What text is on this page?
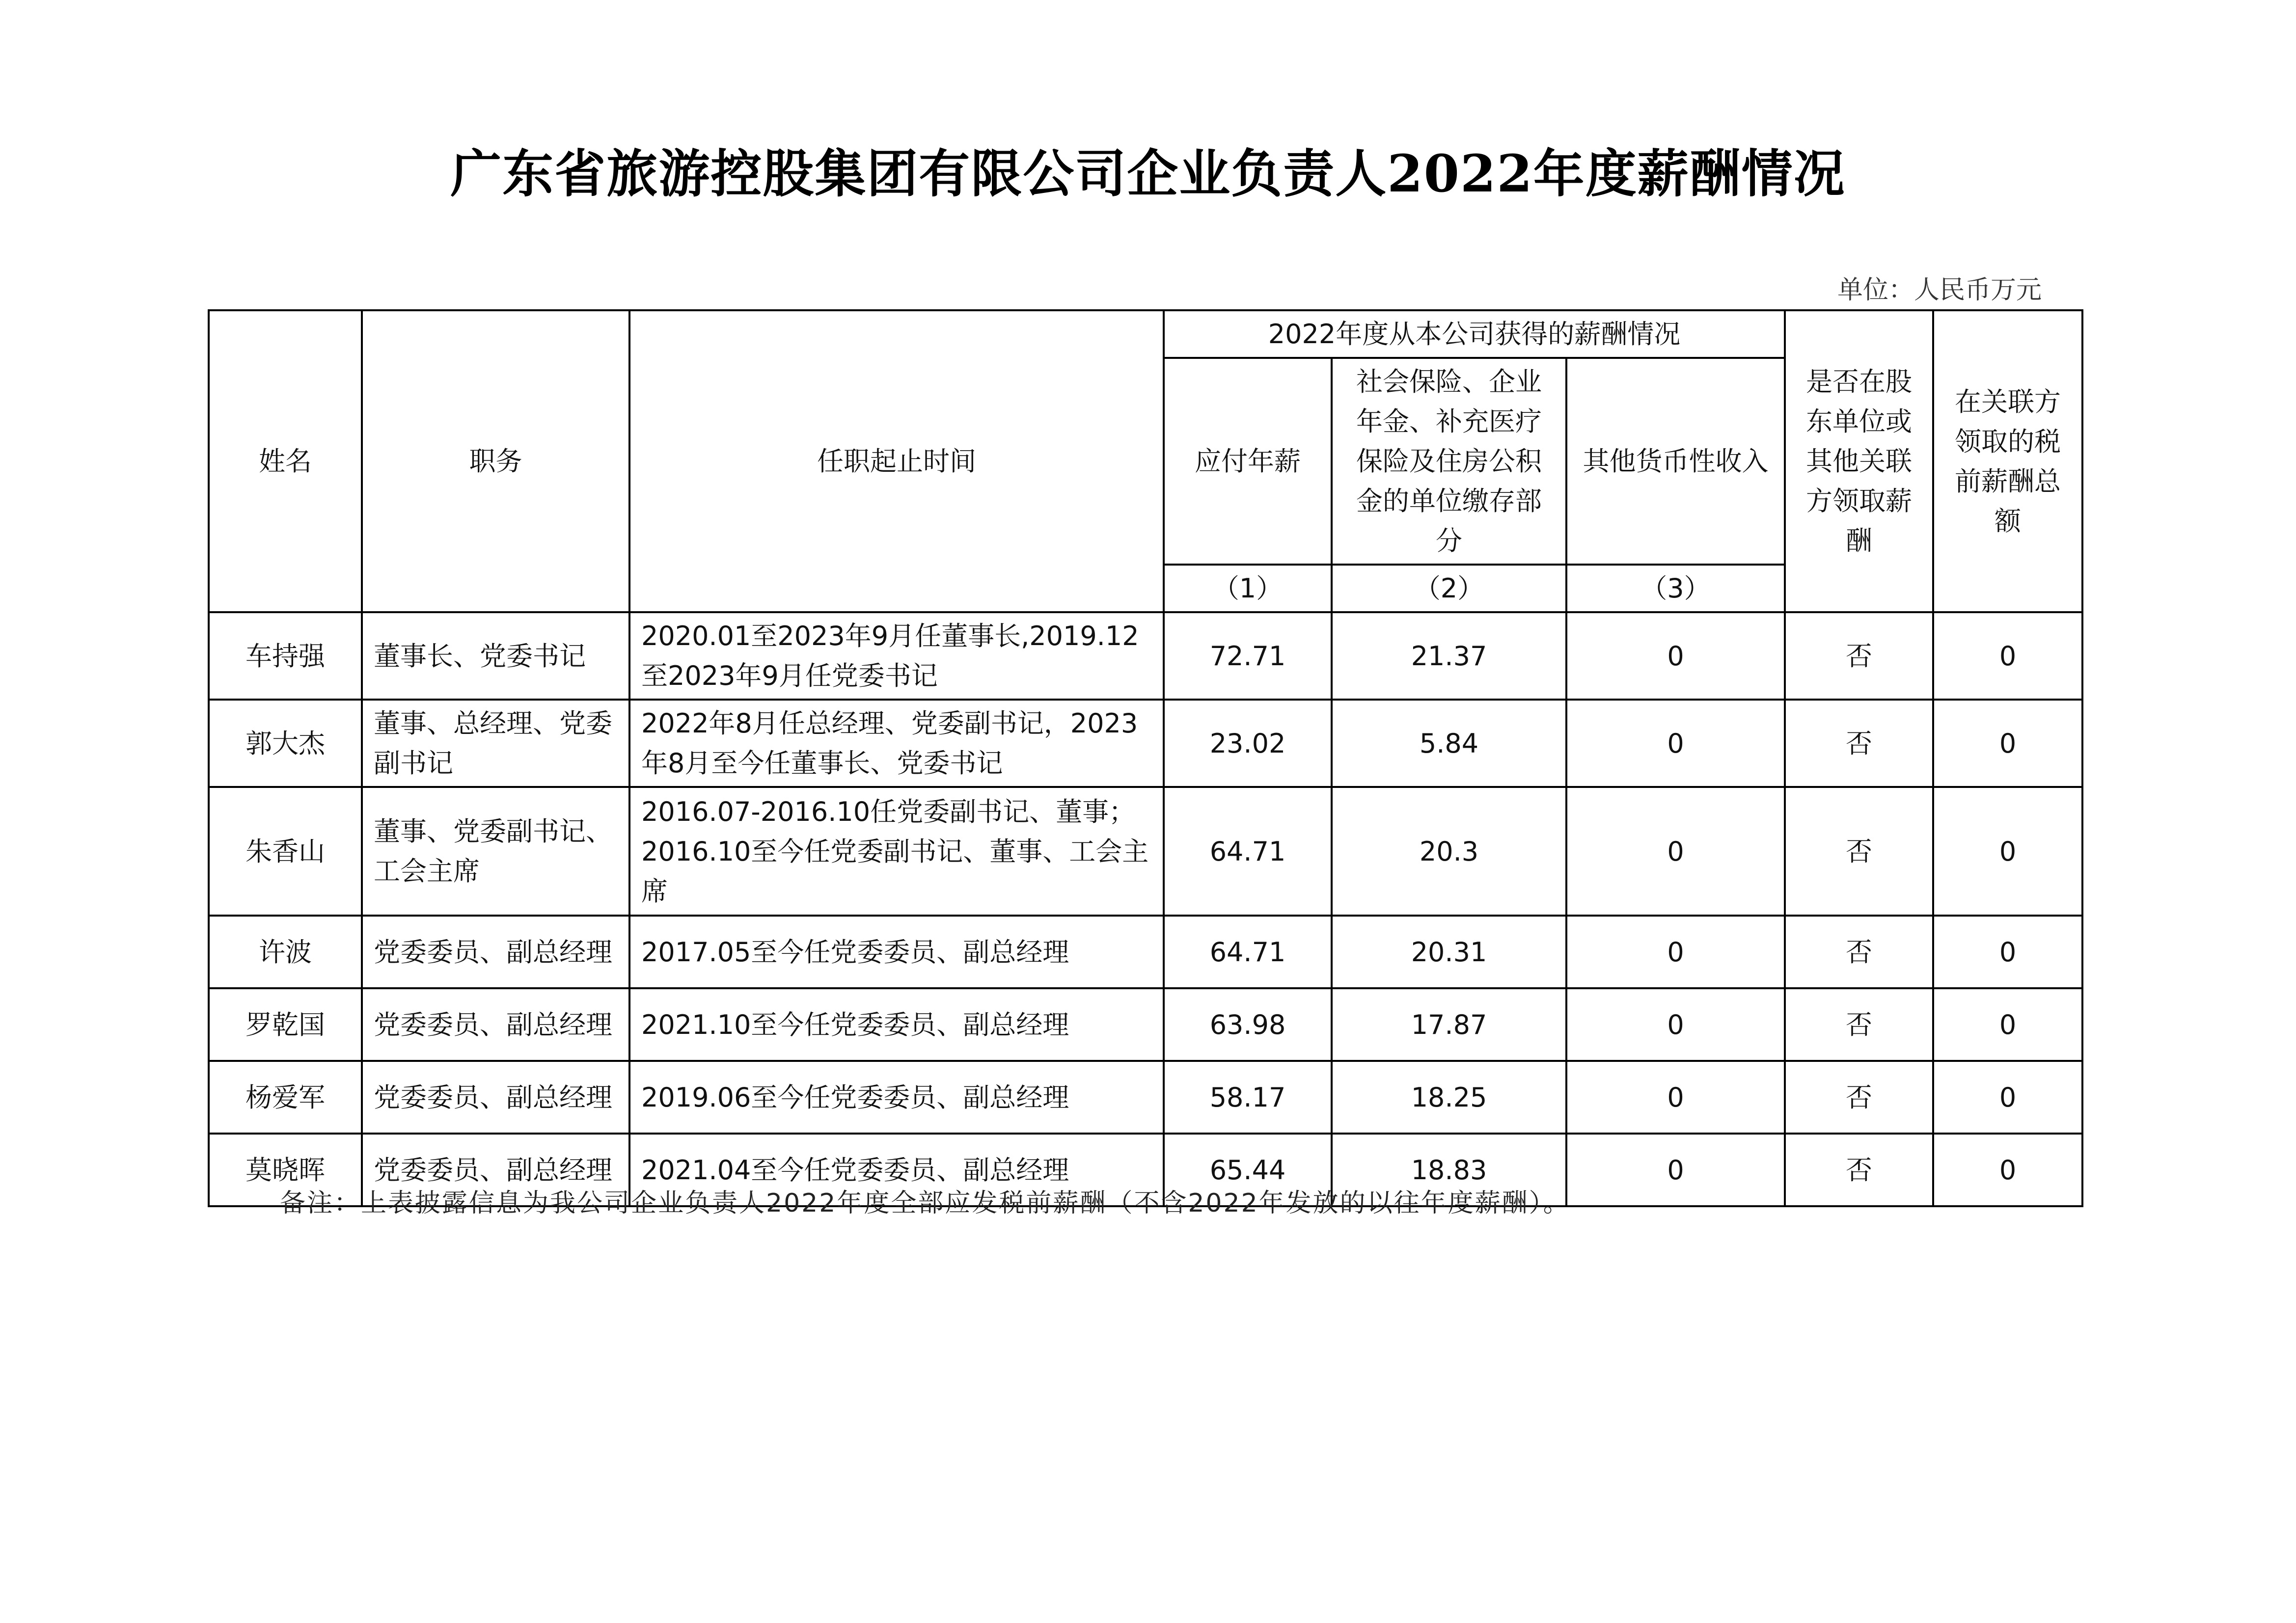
广东省旅游控股集团有限公司企业负责人2022年度薪酬情况
单位：人民币万元
姓名	职务	任职起止时间	2022年度从本公司获得的薪酬情况			是否在股东单位或其他关联方领取薪酬	在关联方领取的税前薪酬总额
			应付年薪	社会保险、企业年金、补充医疗保险及住房公积金的单位缴存部分	其他货币性收入		
			（1）	（2）	（3）		
车持强	董事长、党委书记	2020.01至2023年9月任董事长,2019.12至2023年9月任党委书记	72.71	21.37	0	否	0
郭大杰	董事、总经理、党委副书记	2022年8月任总经理、党委副书记，2023年8月至今任董事长、党委书记	23.02	5.84	0	否	0
朱香山	董事、党委副书记、工会主席	2016.07-2016.10任党委副书记、董事；2016.10至今任党委副书记、董事、工会主席	64.71	20.3	0	否	0
许波	党委委员、副总经理	2017.05至今任党委委员、副总经理	64.71	20.31	0	否	0
罗乾国	党委委员、副总经理	2021.10至今任党委委员、副总经理	63.98	17.87	0	否	0
杨爱军	党委委员、副总经理	2019.06至今任党委委员、副总经理	58.17	18.25	0	否	0
莫晓晖	党委委员、副总经理	2021.04至今任党委委员、副总经理	65.44	18.83	0	否	0
备注：上表披露信息为我公司企业负责人2022年度全部应发税前薪酬（不含2022年发放的以往年度薪酬）。
